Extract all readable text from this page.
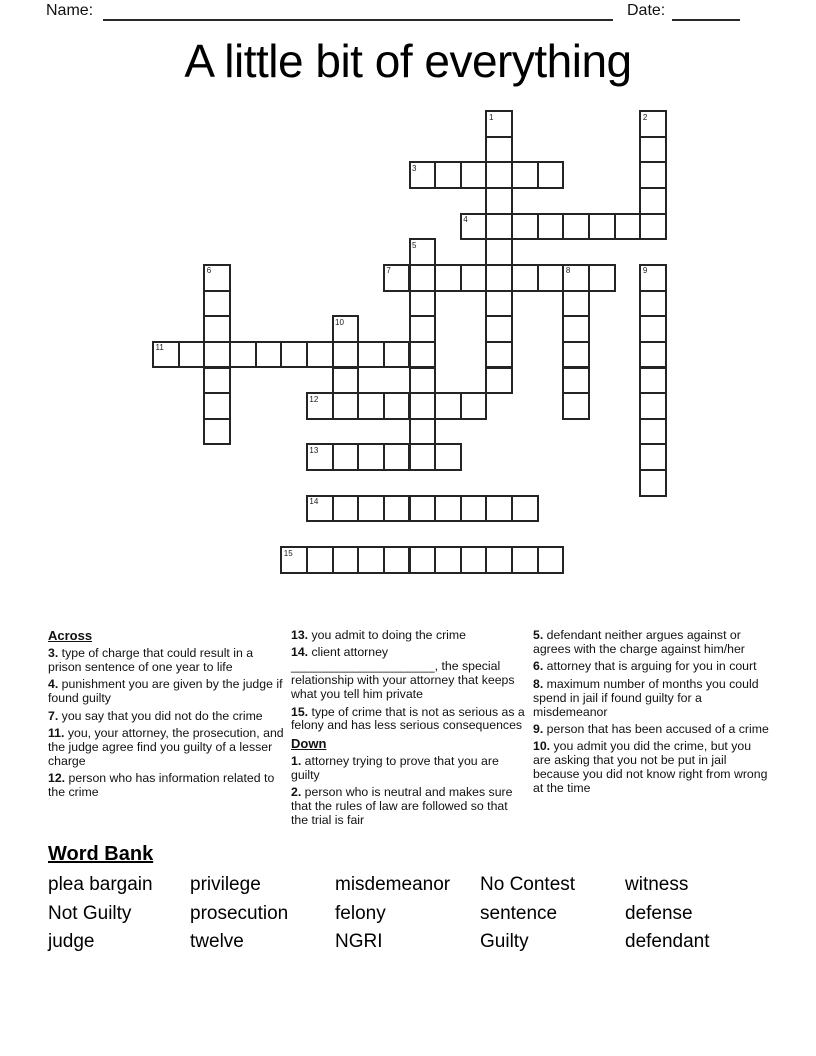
Name:	Date:
A little bit of everything
1	2
3
4
5
6	7	8	9
10
11
12
13
14
15

Across

3. type of charge that could result in a prison sentence of one year to life

4. punishment you are given by the judge if found guilty

7. you say that you did not do the crime

11. you, your attorney, the prosecution, and the judge agree find you guilty of a lesser charge

12. person who has information related to the crime

13. you admit to doing the crime

14. client attorney _____________________, the special relationship with your attorney that keeps what you tell him private

15. type of crime that is not as serious as a felony and has less serious consequences

Down

1. attorney trying to prove that you are guilty

2. person who is neutral and makes sure that the rules of law are followed so that the trial is fair

5. defendant neither argues against or agrees with the charge against him/her

6. attorney that is arguing for you in court

8. maximum number of months you could spend in jail if found guilty for a misdemeanor

9. person that has been accused of a crime

10. you admit you did the crime, but you are asking that you not be put in jail because you did not know right from wrong at the time

Word Bank
plea bargain	privilege	misdemeanor	No Contest	witness
Not Guilty	prosecution	felony	sentence	defense
judge	twelve	NGRI	Guilty	defendant
